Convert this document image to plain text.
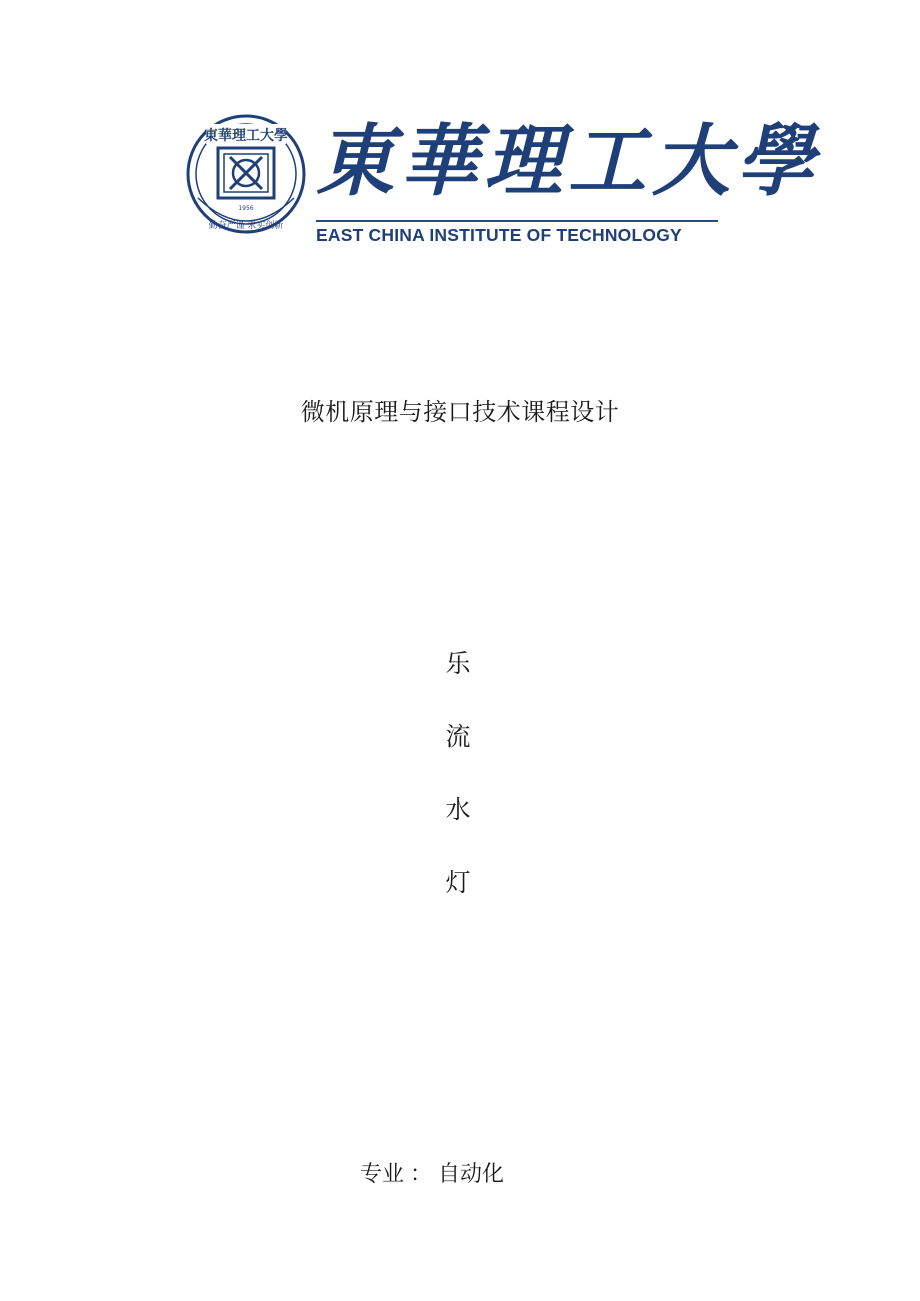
東華理工大學
1956
勤奋严谨 求实创新
東華理工大學
EAST CHINA INSTITUTE OF TECHNOLOGY
微机原理与接口技术课程设计
乐
流
水
灯
专业 ： 自动化
